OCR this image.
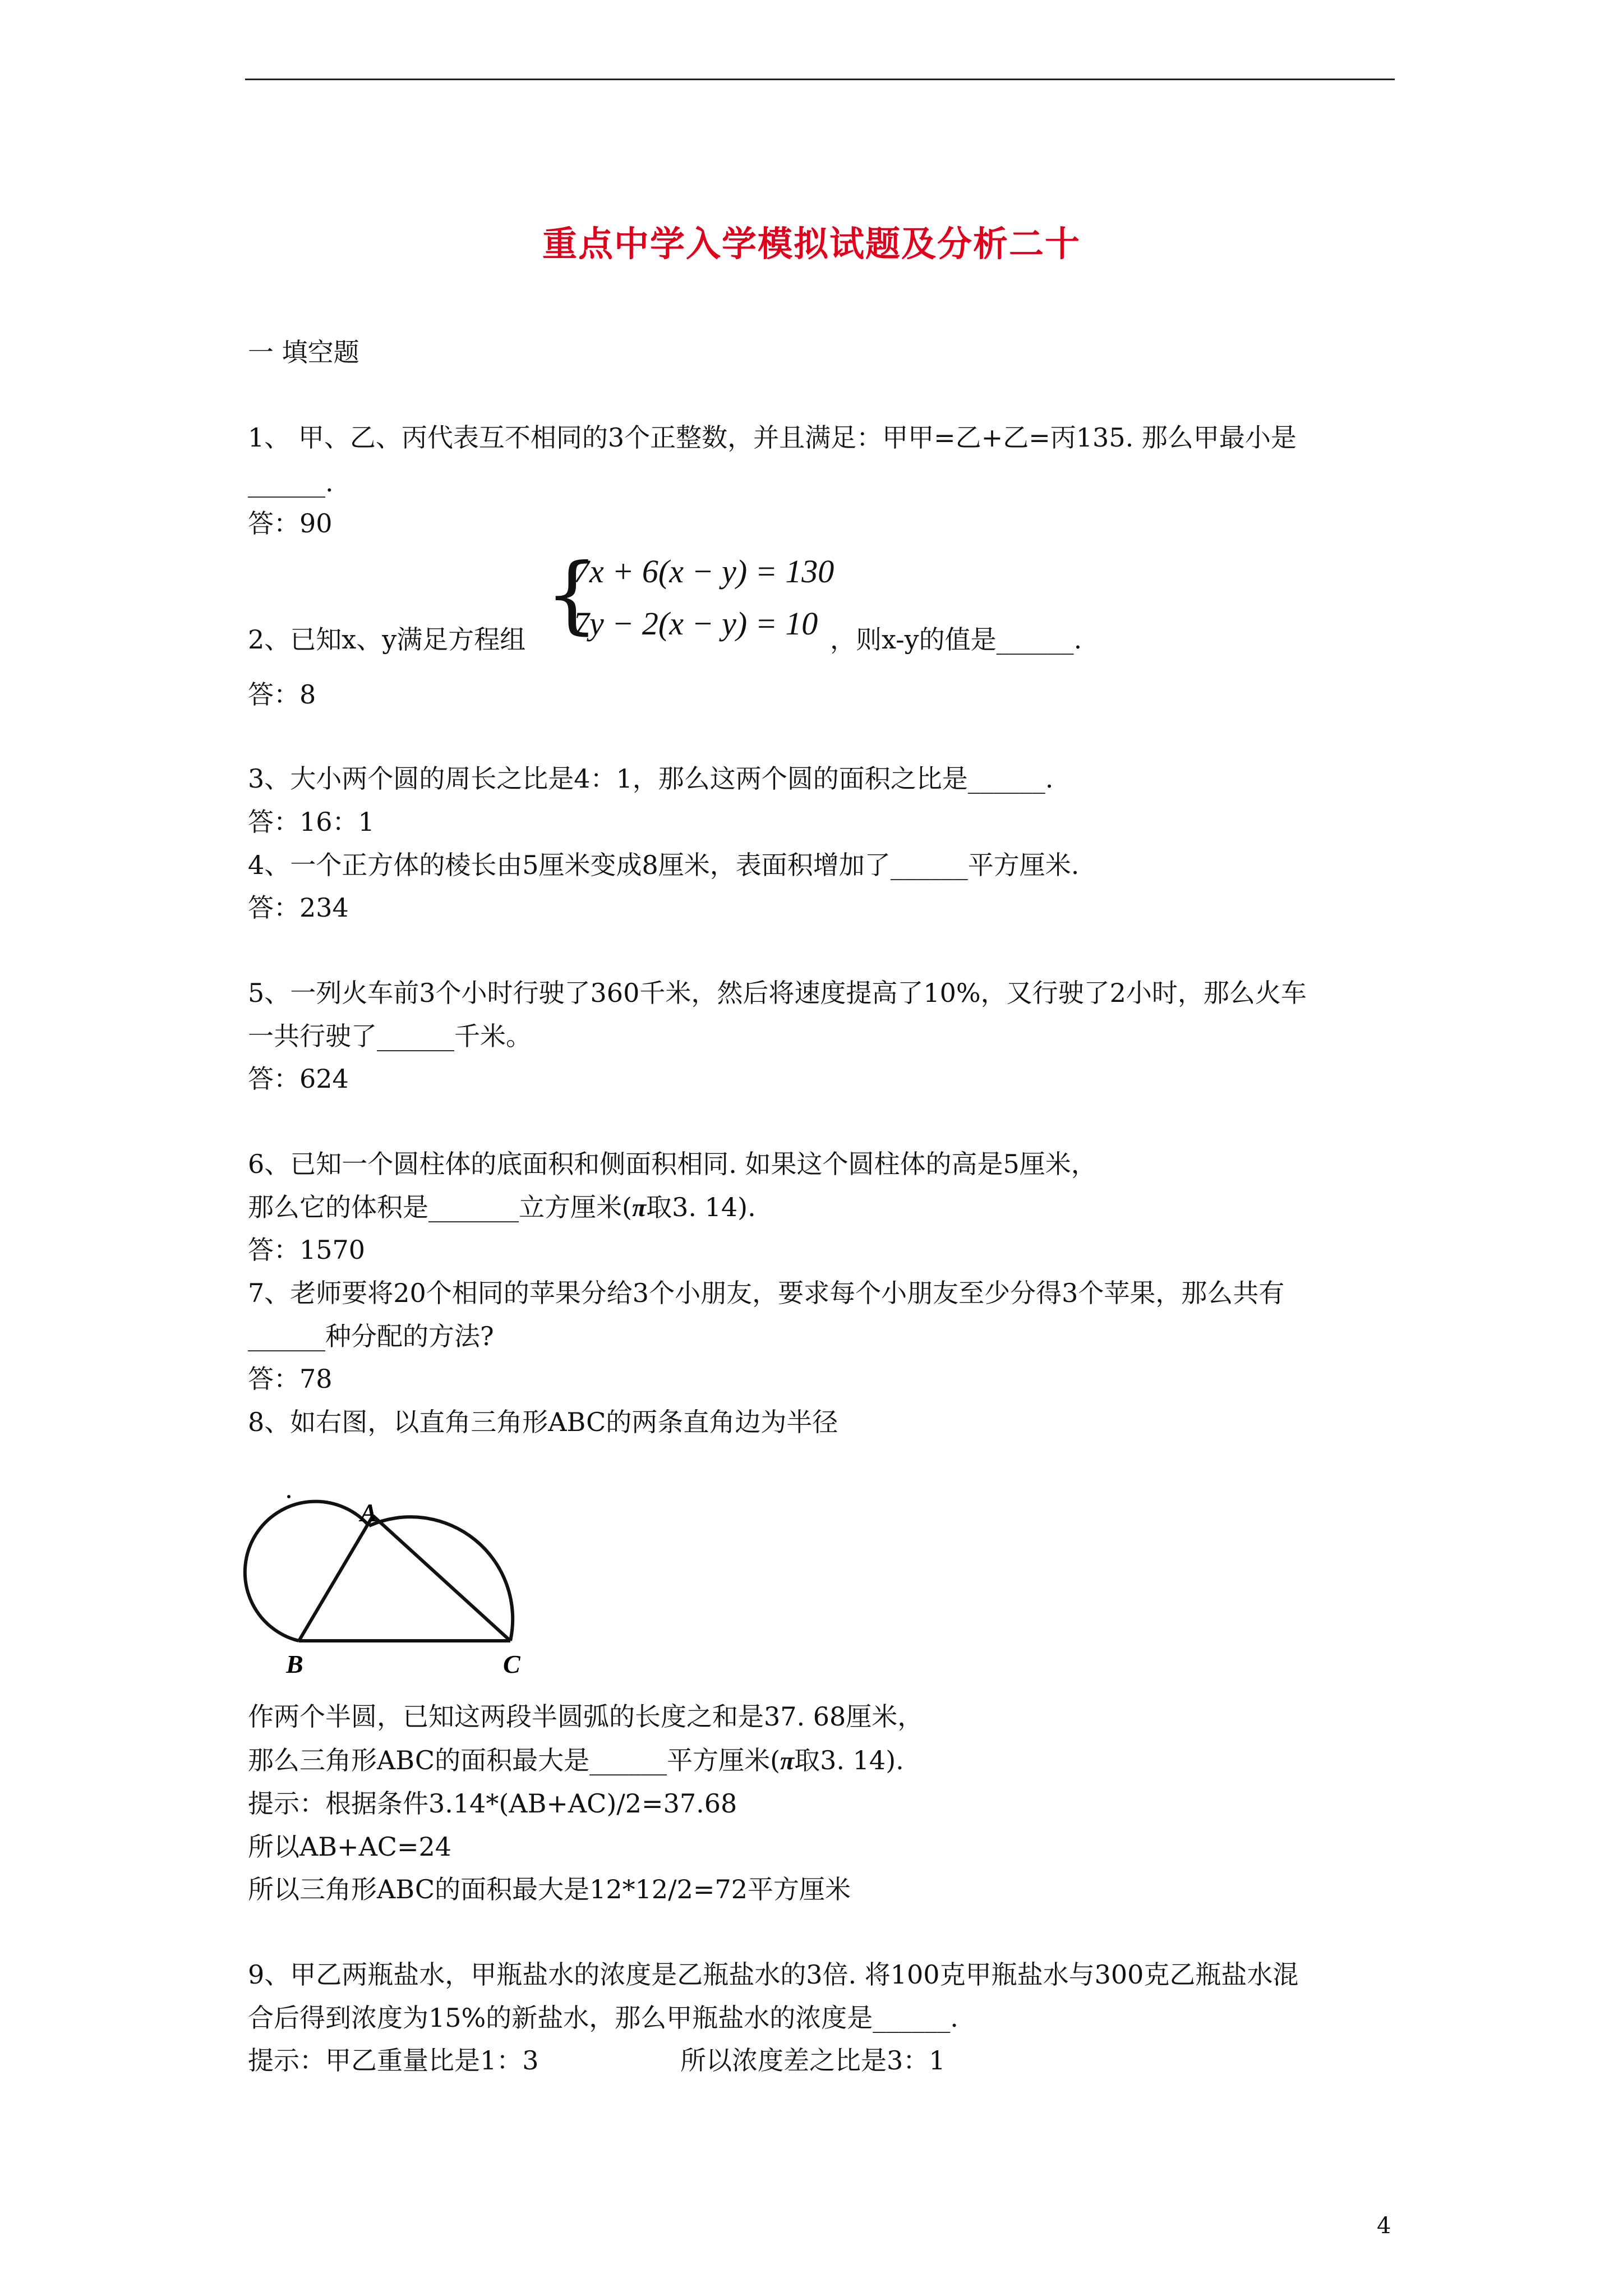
重点中学入学模拟试题及分析二十
一 填空题
1、 甲、乙、丙代表互不相同的3个正整数，并且满足：甲甲=乙+乙=丙135. 那么甲最小是
______.
答：90
{
7x + 6(x − y) = 130
7y − 2(x − y) = 10
2、已知x、y满足方程组	，则x-y的值是______.
答：8
3、大小两个圆的周长之比是4：1，那么这两个圆的面积之比是______.
答：16：1
4、一个正方体的棱长由5厘米变成8厘米，表面积增加了______平方厘米.
答：234
5、一列火车前3个小时行驶了360千米，然后将速度提高了10%，又行驶了2小时，那么火车
一共行驶了______千米。
答：624
6、已知一个圆柱体的底面积和侧面积相同. 如果这个圆柱体的高是5厘米，
那么它的体积是_______立方厘米(π取3. 14).
答：1570
7、老师要将20个相同的苹果分给3个小朋友，要求每个小朋友至少分得3个苹果，那么共有
______种分配的方法?
答：78
8、如右图，以直角三角形ABC的两条直角边为半径
A
B	C
作两个半圆，已知这两段半圆弧的长度之和是37. 68厘米，
那么三角形ABC的面积最大是______平方厘米(π取3. 14).
提示：根据条件3.14*(AB+AC)/2=37.68
所以AB+AC=24
所以三角形ABC的面积最大是12*12/2=72平方厘米
9、甲乙两瓶盐水，甲瓶盐水的浓度是乙瓶盐水的3倍. 将100克甲瓶盐水与300克乙瓶盐水混
合后得到浓度为15%的新盐水，那么甲瓶盐水的浓度是______.
提示：甲乙重量比是1：3	所以浓度差之比是3：1
4
